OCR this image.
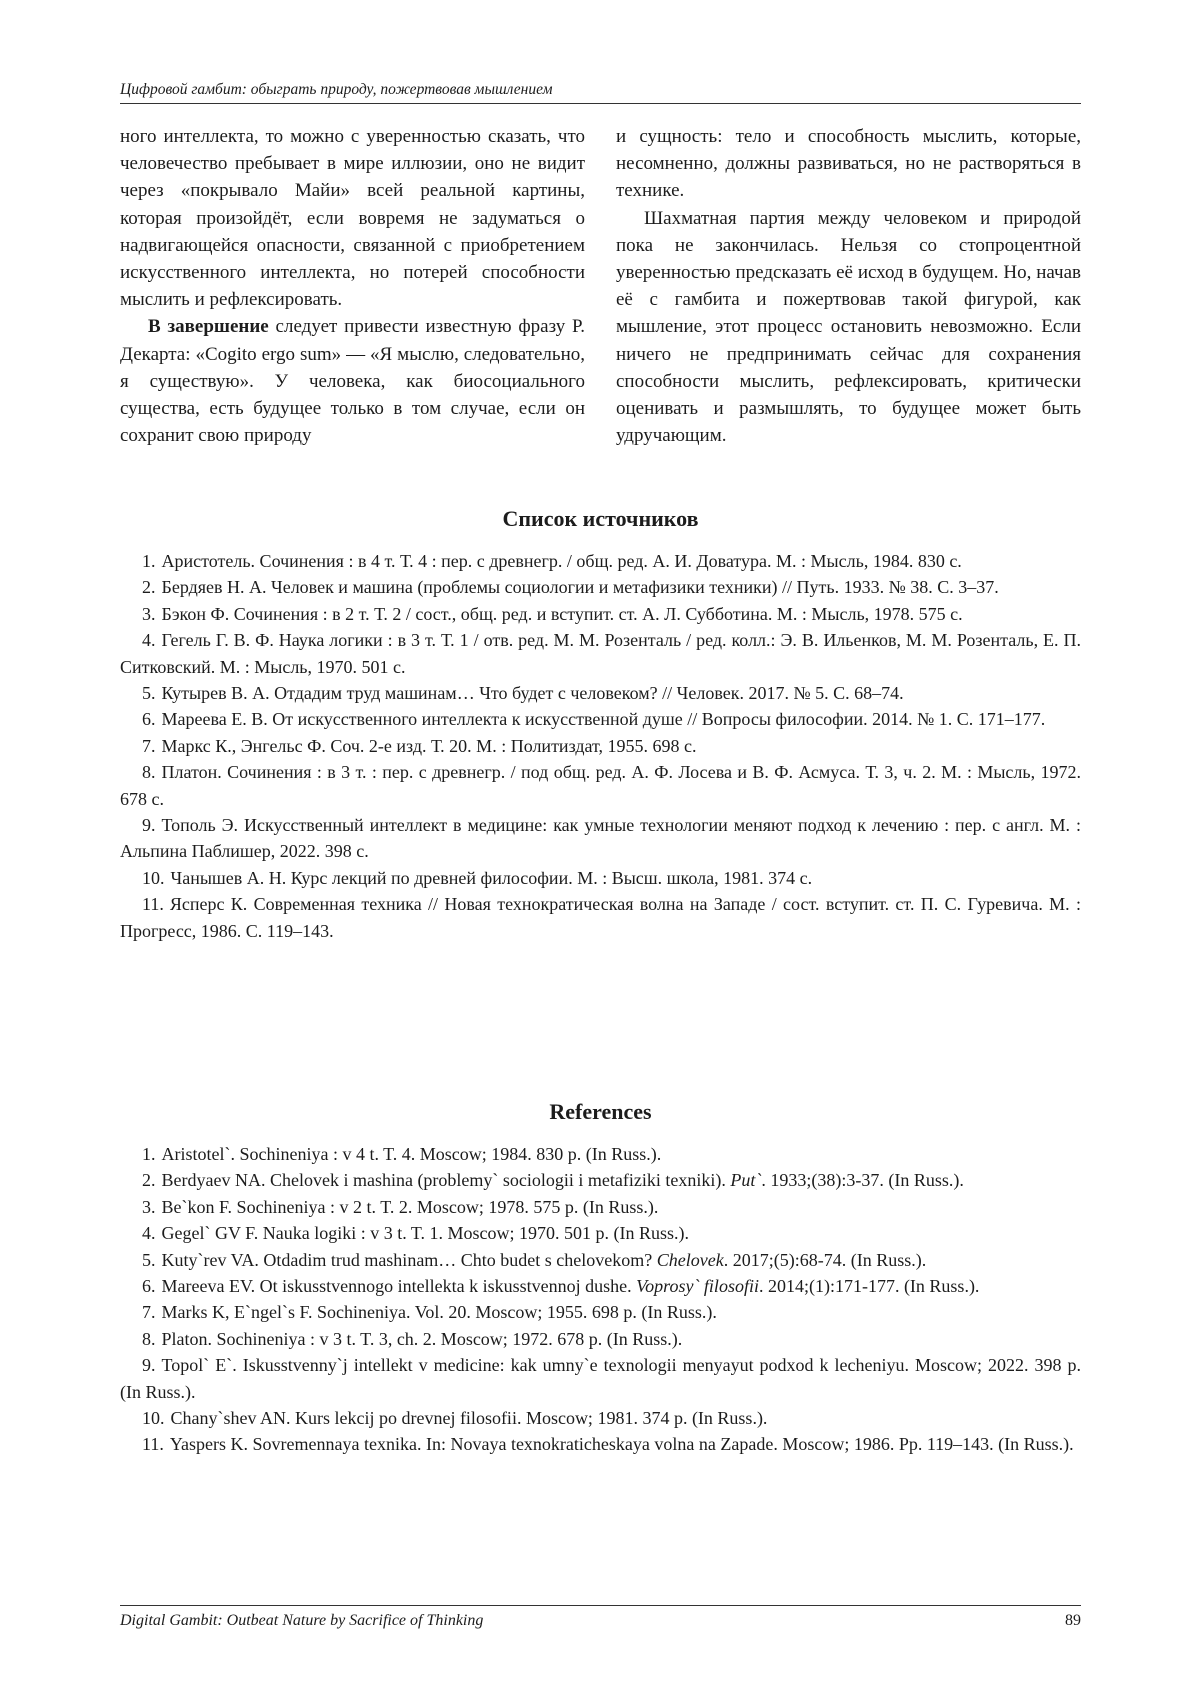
Цифровой гамбит: обыграть природу, пожертвовав мышлением

ного интеллекта, то можно с уверенностью сказать, что человечество пребывает в мире иллюзии, оно не видит через «покрывало Майи» всей реальной картины, которая произойдёт, если вовремя не задуматься о надвигающейся опасности, связанной с приобретением искусственного интеллекта, но потерей способности мыслить и рефлексировать.

В завершение следует привести известную фразу Р. Декарта: «Cogito ergo sum» — «Я мыслю, следовательно, я существую». У человека, как биосоциального существа, есть будущее только в том случае, если он сохранит свою природу

и сущность: тело и способность мыслить, которые, несомненно, должны развиваться, но не растворяться в технике.

Шахматная партия между человеком и природой пока не закончилась. Нельзя со стопроцентной уверенностью предсказать её исход в будущем. Но, начав её с гамбита и пожертвовав такой фигурой, как мышление, этот процесс остановить невозможно. Если ничего не предпринимать сейчас для сохранения способности мыслить, рефлексировать, критически оценивать и размышлять, то будущее может быть удручающим.

Список источников

1. Аристотель. Сочинения : в 4 т. Т. 4 : пер. с древнегр. / общ. ред. А. И. Доватура. М. : Мысль, 1984. 830 с.

2. Бердяев Н. А. Человек и машина (проблемы социологии и метафизики техники) // Путь. 1933. № 38. С. 3–37.

3. Бэкон Ф. Сочинения : в 2 т. Т. 2 / сост., общ. ред. и вступит. ст. А. Л. Субботина. М. : Мысль, 1978. 575 с.

4. Гегель Г. В. Ф. Наука логики : в 3 т. Т. 1 / отв. ред. М. М. Розенталь / ред. колл.: Э. В. Ильенков, М. М. Розенталь, Е. П. Ситковский. М. : Мысль, 1970. 501 с.

5. Кутырев В. А. Отдадим труд машинам… Что будет с человеком? // Человек. 2017. № 5. С. 68–74.

6. Мареева Е. В. От искусственного интеллекта к искусственной душе // Вопросы философии. 2014. № 1. С. 171–177.

7. Маркс К., Энгельс Ф. Соч. 2-е изд. Т. 20. М. : Политиздат, 1955. 698 с.

8. Платон. Сочинения : в 3 т. : пер. с древнегр. / под общ. ред. А. Ф. Лосева и В. Ф. Асмуса. Т. 3, ч. 2. М. : Мысль, 1972. 678 с.

9. Тополь Э. Искусственный интеллект в медицине: как умные технологии меняют подход к лечению : пер. с англ. М. : Альпина Паблишер, 2022. 398 с.

10. Чанышев А. Н. Курс лекций по древней философии. М. : Высш. школа, 1981. 374 с.

11. Ясперс К. Современная техника // Новая технократическая волна на Западе / сост. вступит. ст. П. С. Гуревича. М. : Прогресс, 1986. С. 119–143.

References

1. Aristotel`. Sochineniya : v 4 t. T. 4. Moscow; 1984. 830 p. (In Russ.).

2. Berdyaev NA. Chelovek i mashina (problemy` sociologii i metafiziki texniki). Put`. 1933;(38):3-37. (In Russ.).

3. Be`kon F. Sochineniya : v 2 t. T. 2. Moscow; 1978. 575 p. (In Russ.).

4. Gegel` GV F. Nauka logiki : v 3 t. T. 1. Moscow; 1970. 501 p. (In Russ.).

5. Kuty`rev VA. Otdadim trud mashinam… Chto budet s chelovekom? Chelovek. 2017;(5):68-74. (In Russ.).

6. Mareeva EV. Ot iskusstvennogo intellekta k iskusstvennoj dushe. Voprosy` filosofii. 2014;(1):171-177. (In Russ.).

7. Marks K, E`ngel`s F. Sochineniya. Vol. 20. Moscow; 1955. 698 p. (In Russ.).

8. Platon. Sochineniya : v 3 t. T. 3, ch. 2. Moscow; 1972. 678 p. (In Russ.).

9. Topol` E`. Iskusstvenny`j intellekt v medicine: kak umny`e texnologii menyayut podxod k lecheniyu. Moscow; 2022. 398 p. (In Russ.).

10. Chany`shev AN. Kurs lekcij po drevnej filosofii. Moscow; 1981. 374 p. (In Russ.).

11. Yaspers K. Sovremennaya texnika. In: Novaya texnokraticheskaya volna na Zapade. Moscow; 1986. Pp. 119–143. (In Russ.).

Digital Gambit: Outbeat Nature by Sacrifice of Thinking	89
